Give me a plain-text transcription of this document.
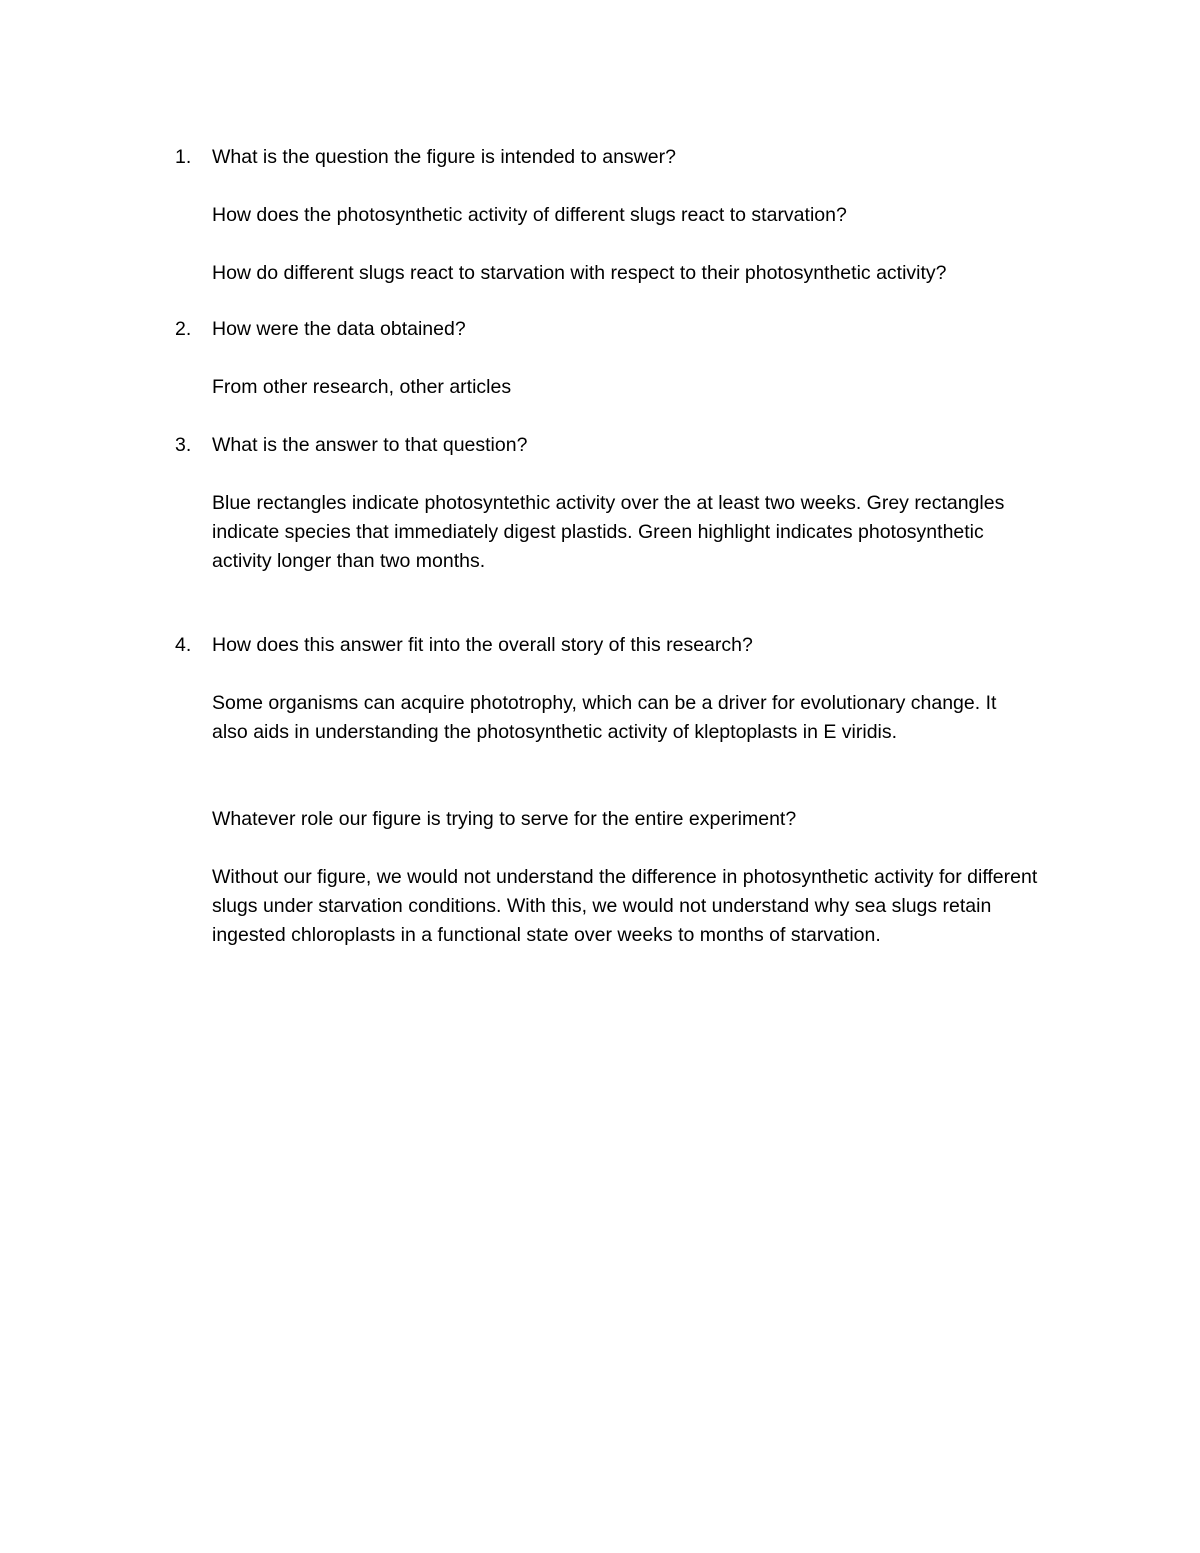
1. What is the question the figure is intended to answer?

How does the photosynthetic activity of different slugs react to starvation?

How do different slugs react to starvation with respect to their photosynthetic activity?

2. How were the data obtained?

From other research, other articles

3. What is the answer to that question?

Blue rectangles indicate photosyntethic activity over the at least two weeks. Grey rectangles indicate species that immediately digest plastids. Green highlight indicates photosynthetic activity longer than two months.

4. How does this answer fit into the overall story of this research?

Some organisms can acquire phototrophy, which can be a driver for evolutionary change. It also aids in understanding the photosynthetic activity of kleptoplasts in E viridis.

Whatever role our figure is trying to serve for the entire experiment?

Without our figure, we would not understand the difference in photosynthetic activity for different slugs under starvation conditions. With this, we would not understand why sea slugs retain ingested chloroplasts in a functional state over weeks to months of starvation.
